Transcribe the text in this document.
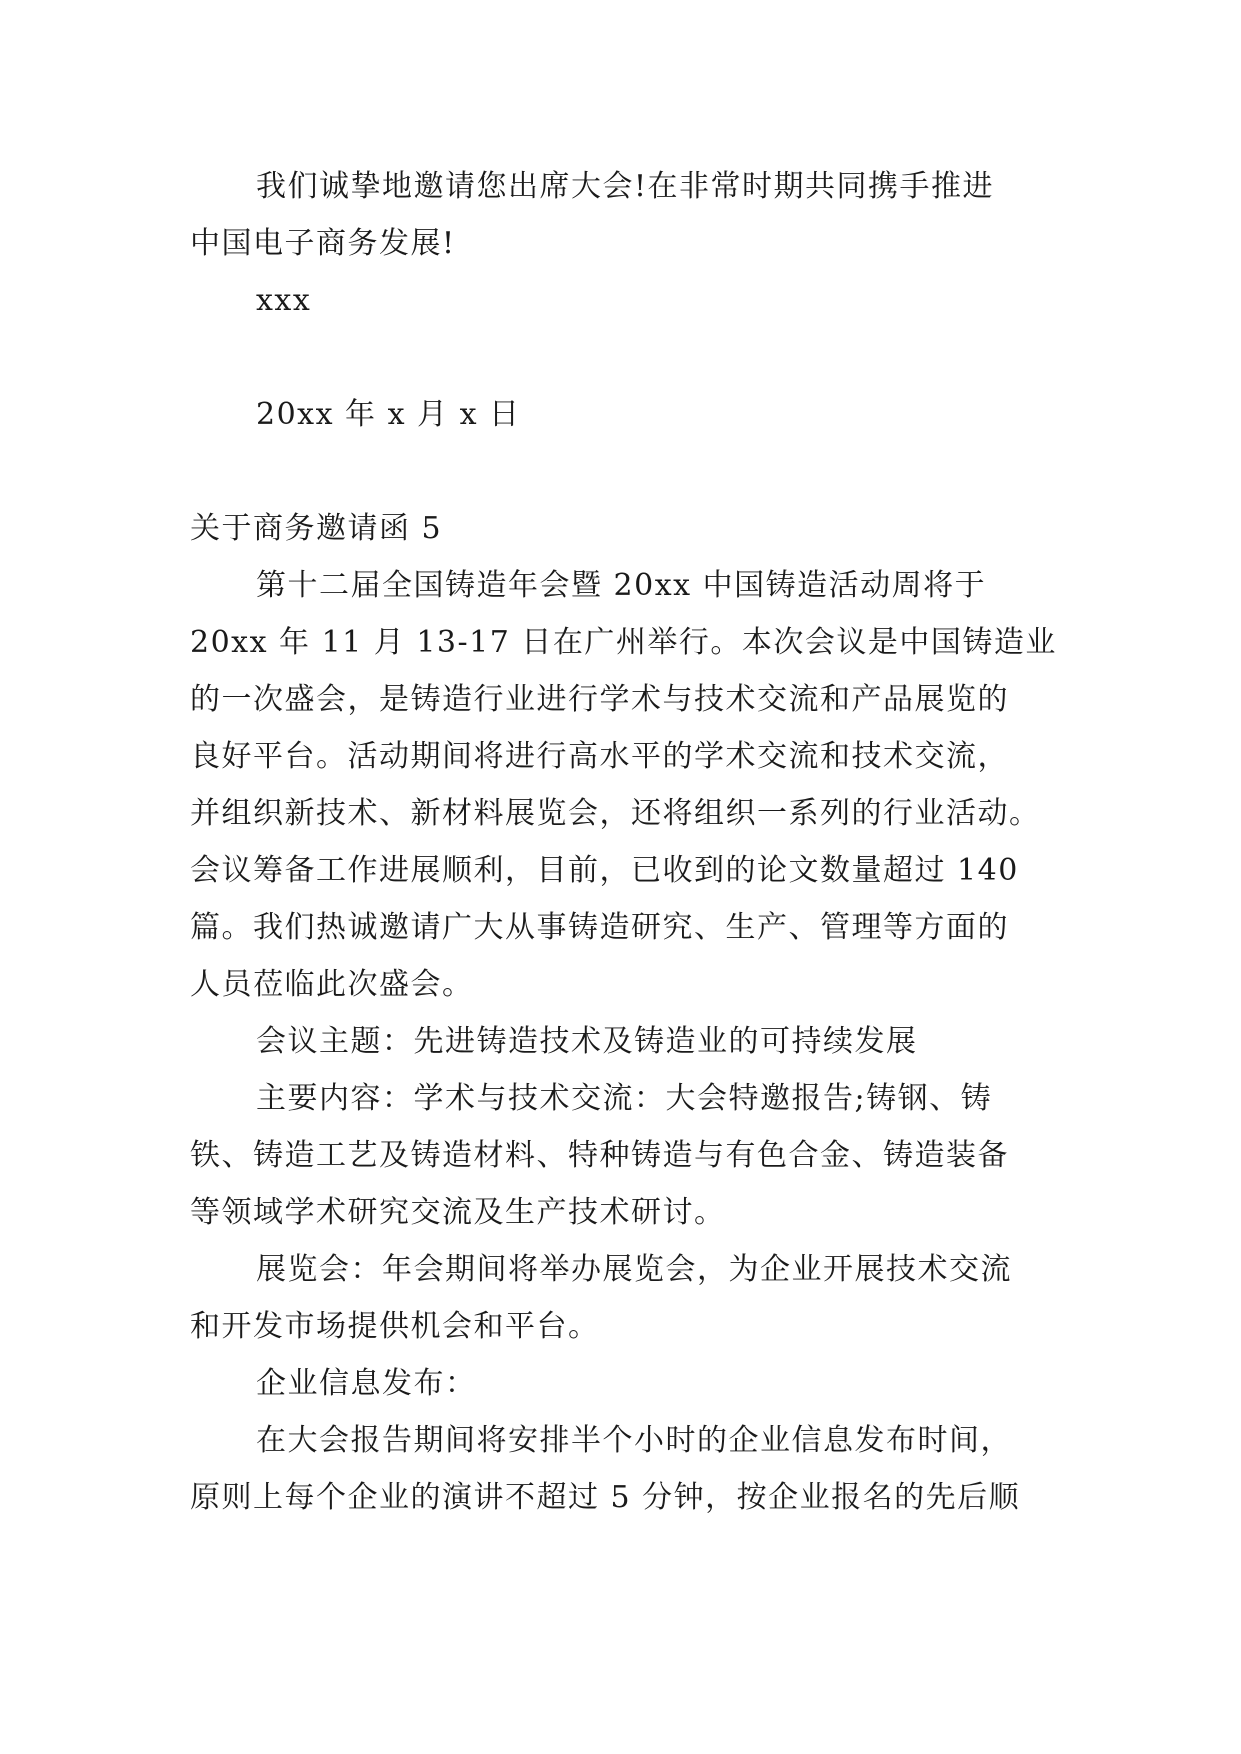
我们诚挚地邀请您出席大会!在非常时期共同携手推进

中国电子商务发展!

xxx

20xx 年 x 月 x 日

关于商务邀请函 5

第十二届全国铸造年会暨 20xx 中国铸造活动周将于

20xx 年 11 月 13-17 日在广州举行。本次会议是中国铸造业

的一次盛会，是铸造行业进行学术与技术交流和产品展览的

良好平台。活动期间将进行高水平的学术交流和技术交流，

并组织新技术、新材料展览会，还将组织一系列的行业活动。

会议筹备工作进展顺利，目前，已收到的论文数量超过 140

篇。我们热诚邀请广大从事铸造研究、生产、管理等方面的

人员莅临此次盛会。

会议主题：先进铸造技术及铸造业的可持续发展

主要内容：学术与技术交流：大会特邀报告;铸钢、铸

铁、铸造工艺及铸造材料、特种铸造与有色合金、铸造装备

等领域学术研究交流及生产技术研讨。

展览会：年会期间将举办展览会，为企业开展技术交流

和开发市场提供机会和平台。

企业信息发布：

在大会报告期间将安排半个小时的企业信息发布时间，

原则上每个企业的演讲不超过 5 分钟，按企业报名的先后顺
